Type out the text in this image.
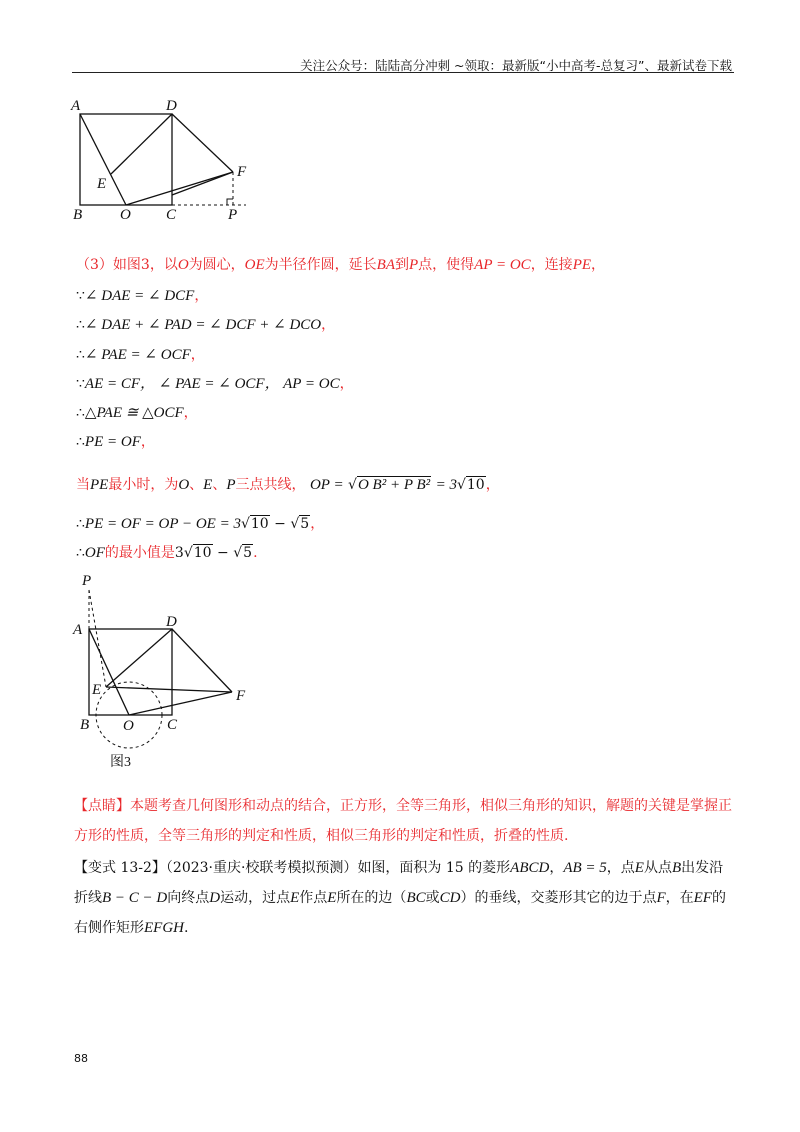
关注公众号：陆陆高分冲刺 ~领取：最新版“小中高考-总复习”、最新试卷下载
A	D
E
F
B	O C	P
（3）如图3，以O为圆心，OE为半径作圆，延长BA到P点，使得AP = OC，连接PE，
∵∠ DAE = ∠ DCF，
∴∠ DAE + ∠ PAD = ∠ DCF + ∠ DCO，
∴∠ PAE = ∠ OCF，
∵AE = CF， ∠ PAE = ∠ OCF， AP = OC，
∴△PAE ≅ △OCF，
∴PE = OF，
当PE最小时，为O、E、P三点共线， OP = √O B² + P B² = 3√10，
∴PE = OF = OP − OE = 3√10 − √5，
∴OF的最小值是3√10 − √5.
P
A	D
E	F
B O C
图3
【点睛】本题考查几何图形和动点的结合，正方形，全等三角形，相似三角形的知识，解题的关键是掌握正方形的性质，全等三角形的判定和性质，相似三角形的判定和性质，折叠的性质.
【变式 13-2】（2023·重庆·校联考模拟预测）如图，面积为 15 的菱形ABCD，AB = 5，点E从点B出发沿折线B − C − D向终点D运动，过点E作点E所在的边（BC或CD）的垂线，交菱形其它的边于点F，在EF的右侧作矩形EFGH.
88
